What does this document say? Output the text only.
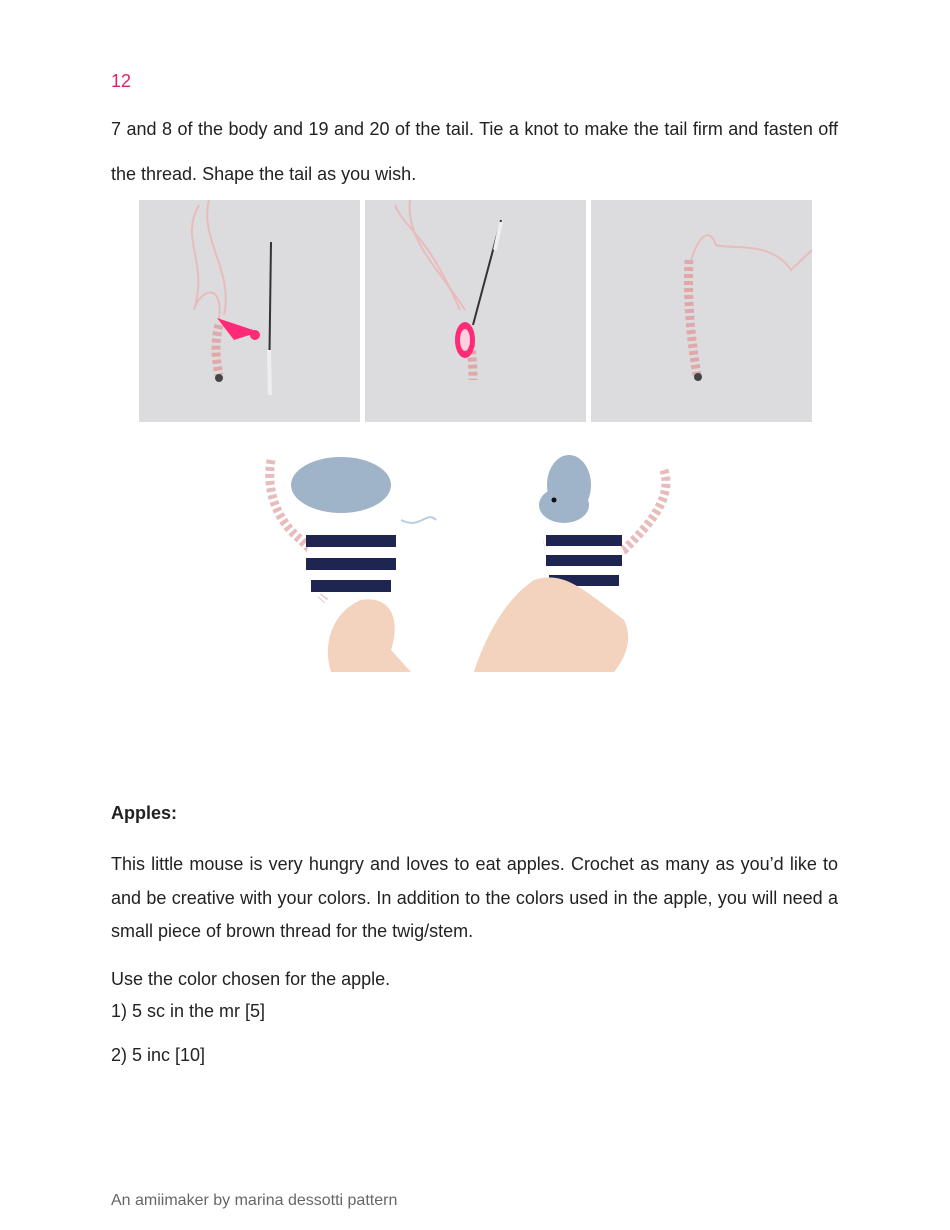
12

7 and 8 of the body and 19 and 20 of the tail. Tie a knot to make the tail firm and fasten off the thread. Shape the tail as you wish.

Apples:

This little mouse is very hungry and loves to eat apples. Crochet as many as you’d like to and be creative with your colors. In addition to the colors used in the apple, you will need a small piece of brown thread for the twig/stem.

Use the color chosen for the apple.

1) 5 sc in the mr [5]

2) 5 inc [10]

An amiimaker by marina dessotti pattern
